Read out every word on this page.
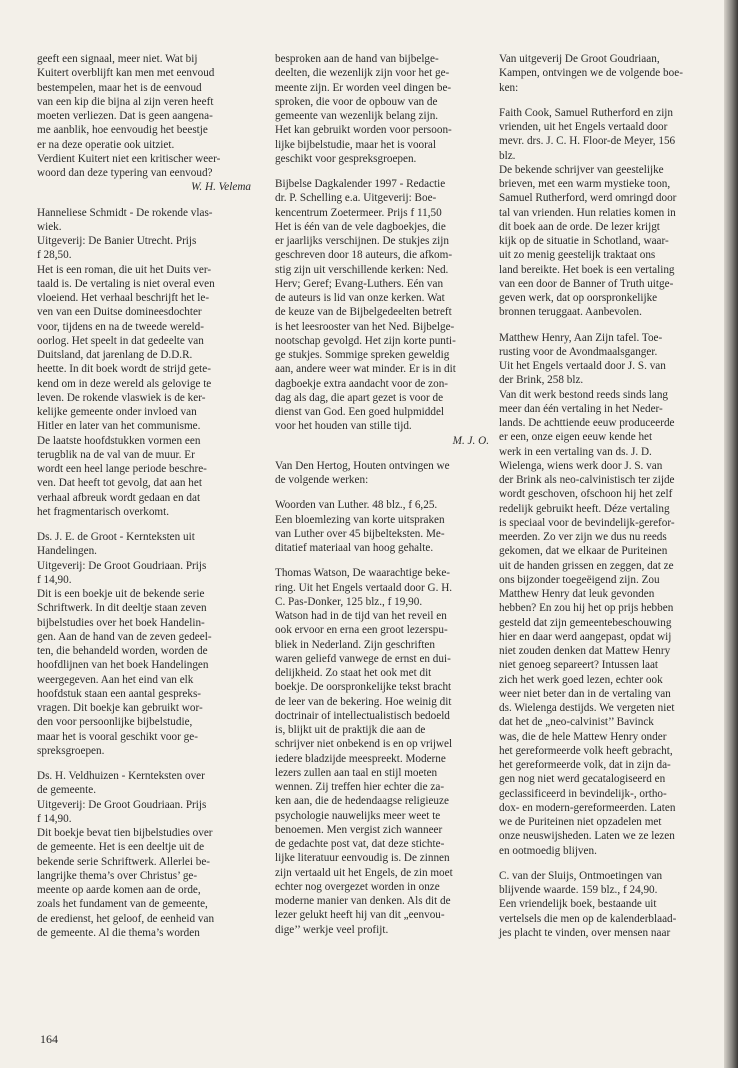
geeft een signaal, meer niet. Wat bij
Kuitert overblijft kan men met eenvoud
bestempelen, maar het is de eenvoud
van een kip die bijna al zijn veren heeft
moeten verliezen. Dat is geen aangena-
me aanblik, hoe eenvoudig het beestje
er na deze operatie ook uitziet.
Verdient Kuitert niet een kritischer weer-
woord dan deze typering van eenvoud?
W. H. Velema
Hanneliese Schmidt - De rokende vlas-
wiek.
Uitgeverij: De Banier Utrecht. Prijs
f 28,50.
Het is een roman, die uit het Duits ver-
taald is. De vertaling is niet overal even
vloeiend. Het verhaal beschrijft het le-
ven van een Duitse domineesdochter
voor, tijdens en na de tweede wereld-
oorlog. Het speelt in dat gedeelte van
Duitsland, dat jarenlang de D.D.R.
heette. In dit boek wordt de strijd gete-
kend om in deze wereld als gelovige te
leven. De rokende vlaswiek is de ker-
kelijke gemeente onder invloed van
Hitler en later van het communisme.
De laatste hoofdstukken vormen een
terugblik na de val van de muur. Er
wordt een heel lange periode beschre-
ven. Dat heeft tot gevolg, dat aan het
verhaal afbreuk wordt gedaan en dat
het fragmentarisch overkomt.
Ds. J. E. de Groot - Kernteksten uit
Handelingen.
Uitgeverij: De Groot Goudriaan. Prijs
f 14,90.
Dit is een boekje uit de bekende serie
Schriftwerk. In dit deeltje staan zeven
bijbelstudies over het boek Handelin-
gen. Aan de hand van de zeven gedeel-
ten, die behandeld worden, worden de
hoofdlijnen van het boek Handelingen
weergegeven. Aan het eind van elk
hoofdstuk staan een aantal gespreks-
vragen. Dit boekje kan gebruikt wor-
den voor persoonlijke bijbelstudie,
maar het is vooral geschikt voor ge-
spreksgroepen.
Ds. H. Veldhuizen - Kernteksten over
de gemeente.
Uitgeverij: De Groot Goudriaan. Prijs
f 14,90.
Dit boekje bevat tien bijbelstudies over
de gemeente. Het is een deeltje uit de
bekende serie Schriftwerk. Allerlei be-
langrijke thema’s over Christus’ ge-
meente op aarde komen aan de orde,
zoals het fundament van de gemeente,
de eredienst, het geloof, de eenheid van
de gemeente. Al die thema’s worden
besproken aan de hand van bijbelge-
deelten, die wezenlijk zijn voor het ge-
meente zijn. Er worden veel dingen be-
sproken, die voor de opbouw van de
gemeente van wezenlijk belang zijn.
Het kan gebruikt worden voor persoon-
lijke bijbelstudie, maar het is vooral
geschikt voor gespreksgroepen.
Bijbelse Dagkalender 1997 - Redactie
dr. P. Schelling e.a. Uitgeverij: Boe-
kencentrum Zoetermeer. Prijs f 11,50
Het is één van de vele dagboekjes, die
er jaarlijks verschijnen. De stukjes zijn
geschreven door 18 auteurs, die afkom-
stig zijn uit verschillende kerken: Ned.
Herv; Geref; Evang-Luthers. Eén van
de auteurs is lid van onze kerken. Wat
de keuze van de Bijbelgedeelten betreft
is het leesrooster van het Ned. Bijbelge-
nootschap gevolgd. Het zijn korte punti-
ge stukjes. Sommige spreken geweldig
aan, andere weer wat minder. Er is in dit
dagboekje extra aandacht voor de zon-
dag als dag, die apart gezet is voor de
dienst van God. Een goed hulpmiddel
voor het houden van stille tijd.
M. J. O.
Van Den Hertog, Houten ontvingen we
de volgende werken:
Woorden van Luther. 48 blz., f 6,25.
Een bloemlezing van korte uitspraken
van Luther over 45 bijbelteksten. Me-
ditatief materiaal van hoog gehalte.
Thomas Watson, De waarachtige beke-
ring. Uit het Engels vertaald door G. H.
C. Pas-Donker, 125 blz., f 19,90.
Watson had in de tijd van het reveil en
ook ervoor en erna een groot lezerspu-
bliek in Nederland. Zijn geschriften
waren geliefd vanwege de ernst en dui-
delijkheid. Zo staat het ook met dit
boekje. De oorspronkelijke tekst bracht
de leer van de bekering. Hoe weinig dit
doctrinair of intellectualistisch bedoeld
is, blijkt uit de praktijk die aan de
schrijver niet onbekend is en op vrijwel
iedere bladzijde meespreekt. Moderne
lezers zullen aan taal en stijl moeten
wennen. Zij treffen hier echter die za-
ken aan, die de hedendaagse religieuze
psychologie nauwelijks meer weet te
benoemen. Men vergist zich wanneer
de gedachte post vat, dat deze stichte-
lijke literatuur eenvoudig is. De zinnen
zijn vertaald uit het Engels, de zin moet
echter nog overgezet worden in onze
moderne manier van denken. Als dit de
lezer gelukt heeft hij van dit „eenvou-
dige’’ werkje veel profijt.
Van uitgeverij De Groot Goudriaan,
Kampen, ontvingen we de volgende boe-
ken:
Faith Cook, Samuel Rutherford en zijn
vrienden, uit het Engels vertaald door
mevr. drs. J. C. H. Floor-de Meyer, 156
blz.
De bekende schrijver van geestelijke
brieven, met een warm mystieke toon,
Samuel Rutherford, werd omringd door
tal van vrienden. Hun relaties komen in
dit boek aan de orde. De lezer krijgt
kijk op de situatie in Schotland, waar-
uit zo menig geestelijk traktaat ons
land bereikte. Het boek is een vertaling
van een door de Banner of Truth uitge-
geven werk, dat op oorspronkelijke
bronnen teruggaat. Aanbevolen.
Matthew Henry, Aan Zijn tafel. Toe-
rusting voor de Avondmaalsganger.
Uit het Engels vertaald door J. S. van
der Brink, 258 blz.
Van dit werk bestond reeds sinds lang
meer dan één vertaling in het Neder-
lands. De achttiende eeuw produceerde
er een, onze eigen eeuw kende het
werk in een vertaling van ds. J. D.
Wielenga, wiens werk door J. S. van
der Brink als neo-calvinistisch ter zijde
wordt geschoven, ofschoon hij het zelf
redelijk gebruikt heeft. Déze vertaling
is speciaal voor de bevindelijk-gerefor-
meerden. Zo ver zijn we dus nu reeds
gekomen, dat we elkaar de Puriteinen
uit de handen grissen en zeggen, dat ze
ons bijzonder toegeëigend zijn. Zou
Matthew Henry dat leuk gevonden
hebben? En zou hij het op prijs hebben
gesteld dat zijn gemeentebeschouwing
hier en daar werd aangepast, opdat wij
niet zouden denken dat Mattew Henry
niet genoeg separeert? Intussen laat
zich het werk goed lezen, echter ook
weer niet beter dan in de vertaling van
ds. Wielenga destijds. We vergeten niet
dat het de „neo-calvinist’’ Bavinck
was, die de hele Mattew Henry onder
het gereformeerde volk heeft gebracht,
het gereformeerde volk, dat in zijn da-
gen nog niet werd gecatalogiseerd en
geclassificeerd in bevindelijk-, ortho-
dox- en modern-gereformeerden. Laten
we de Puriteinen niet opzadelen met
onze neuswijsheden. Laten we ze lezen
en ootmoedig blijven.
C. van der Sluijs, Ontmoetingen van
blijvende waarde. 159 blz., f 24,90.
Een vriendelijk boek, bestaande uit
vertelsels die men op de kalenderblaad-
jes placht te vinden, over mensen naar
164
